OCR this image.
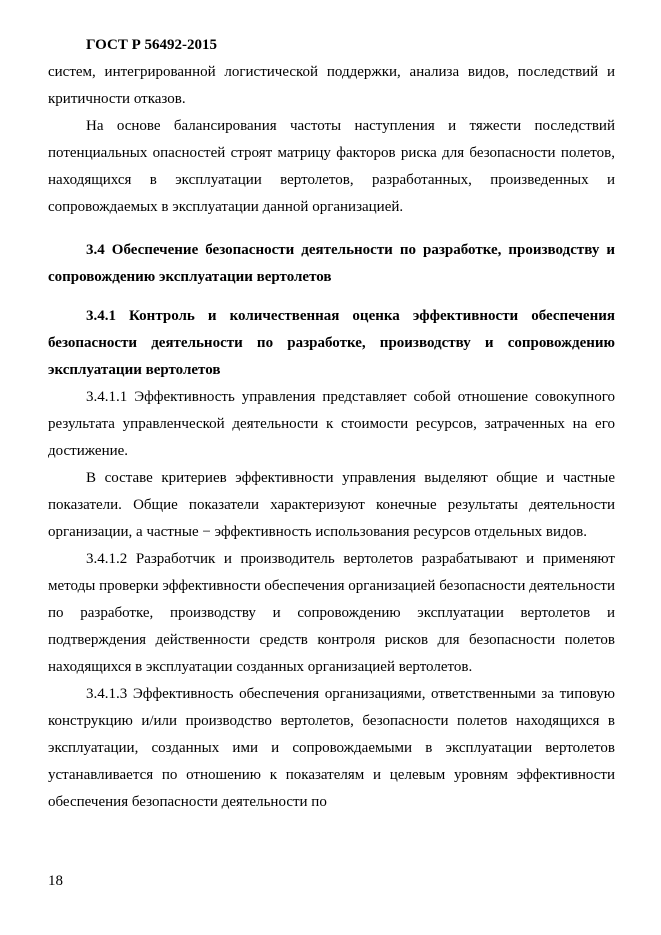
ГОСТ Р 56492-2015

систем, интегрированной логистической поддержки, анализа видов, последствий и критичности отказов.

На основе балансирования частоты наступления и тяжести последствий потенциальных опасностей строят матрицу факторов риска для безопасности полетов, находящихся в эксплуатации вертолетов, разработанных, произведенных и сопровождаемых в эксплуатации данной организацией.

3.4 Обеспечение безопасности деятельности по разработке, производству и сопровождению эксплуатации вертолетов

3.4.1 Контроль и количественная оценка эффективности обеспечения безопасности деятельности по разработке, производству и сопровождению эксплуатации вертолетов

3.4.1.1 Эффективность управления представляет собой отношение совокупного результата управленческой деятельности к стоимости ресурсов, затраченных на его достижение.

В составе критериев эффективности управления выделяют общие и частные показатели. Общие показатели характеризуют конечные результаты деятельности организации, а частные − эффективность использования ресурсов отдельных видов.

3.4.1.2 Разработчик и производитель вертолетов разрабатывают и применяют методы проверки эффективности обеспечения организацией безопасности деятельности по разработке, производству и сопровождению эксплуатации вертолетов и подтверждения действенности средств контроля рисков для безопасности полетов находящихся в эксплуатации созданных организацией вертолетов.

3.4.1.3 Эффективность обеспечения организациями, ответственными за типовую конструкцию и/или производство вертолетов, безопасности полетов находящихся в эксплуатации, созданных ими и сопровождаемыми в эксплуатации вертолетов устанавливается по отношению к показателям и целевым уровням эффективности обеспечения безопасности деятельности по

18
